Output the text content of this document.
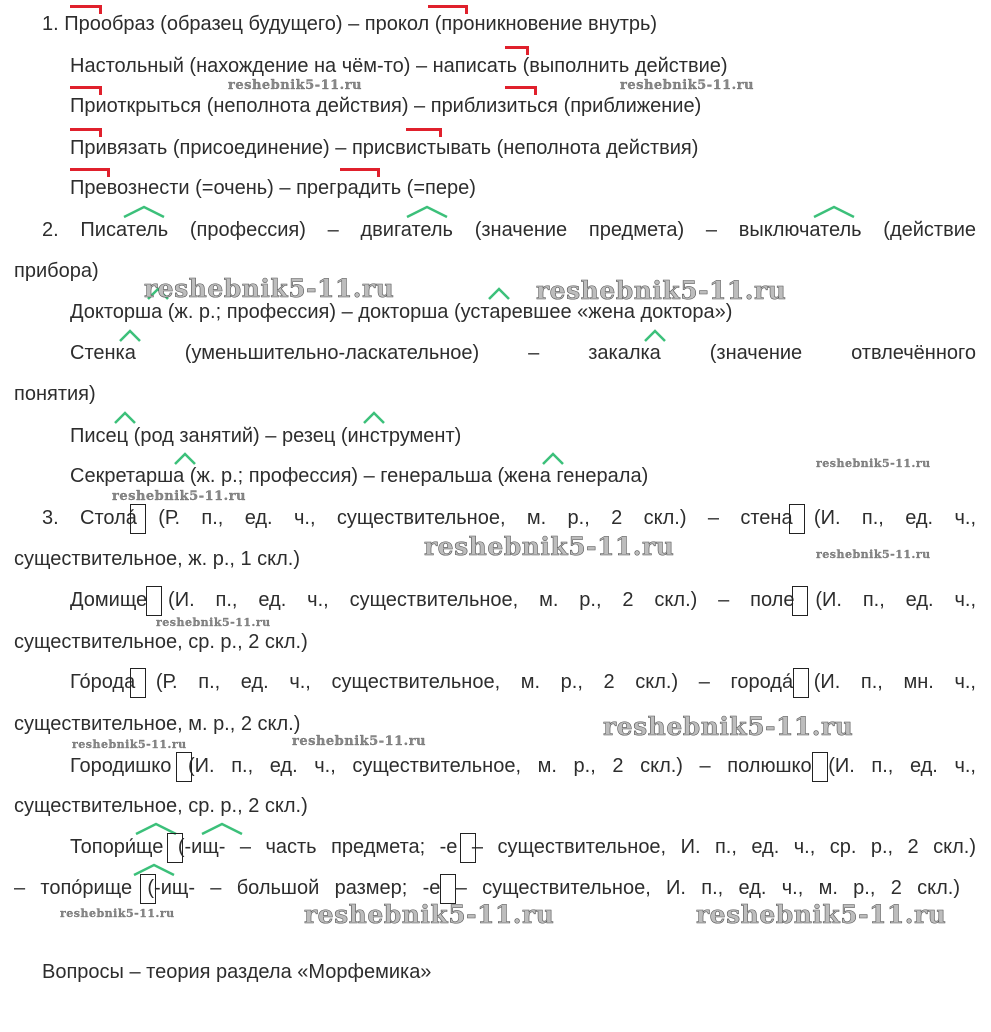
1. Прообраз (образец будущего) – прокол (проникновение внутрь)
Настольный (нахождение на чём-то) – написать (выполнить действие)
Приоткрыться (неполнота действия) – приблизиться (приближение)
Привязать (присоединение) – присвистывать (неполнота действия)
Превознести (=очень) – преградить (=пере)
2. Писатель (профессия) – двигатель (значение предмета) – выключатель (действие
прибора)
Докторша (ж. р.; профессия) – докторша (устаревшее «жена доктора»)
Стенка (уменьшительно-ласкательное) – закалка (значение отвлечённого
понятия)
Писец (род занятий) – резец (инструмент)
Секретарша (ж. р.; профессия) – генеральша (жена генерала)
3. Стола́ (Р. п., ед. ч., существительное, м. р., 2 скл.) – стена (И. п., ед. ч.,
существительное, ж. р., 1 скл.)
Домище (И. п., ед. ч., существительное, м. р., 2 скл.) – поле (И. п., ед. ч.,
существительное, ср. р., 2 скл.)
Го́рода (Р. п., ед. ч., существительное, м. р., 2 скл.) – города́ (И. п., мн. ч.,
существительное, м. р., 2 скл.)
Городишко (И. п., ед. ч., существительное, м. р., 2 скл.) – полюшко (И. п., ед. ч.,
существительное, ср. р., 2 скл.)
Топори́ще (-ищ- – часть предмета; -е – существительное, И. п., ед. ч., ср. р., 2 скл.)
– топо́рище (-ищ- – большой размер; -е – существительное, И. п., ед. ч., м. р., 2 скл.)
Вопросы – теория раздела «Морфемика»
reshebnik5-11.ru	reshebnik5-11.ru
reshebnik5-11.ru	reshebnik5-11.ru
reshebnik5-11.ru
reshebnik5-11.ru
reshebnik5-11.ru	reshebnik5-11.ru
reshebnik5-11.ru
reshebnik5-11.ru
reshebnik5-11.ru	reshebnik5-11.ru
reshebnik5-11.ru	reshebnik5-11.ru	reshebnik5-11.ru
